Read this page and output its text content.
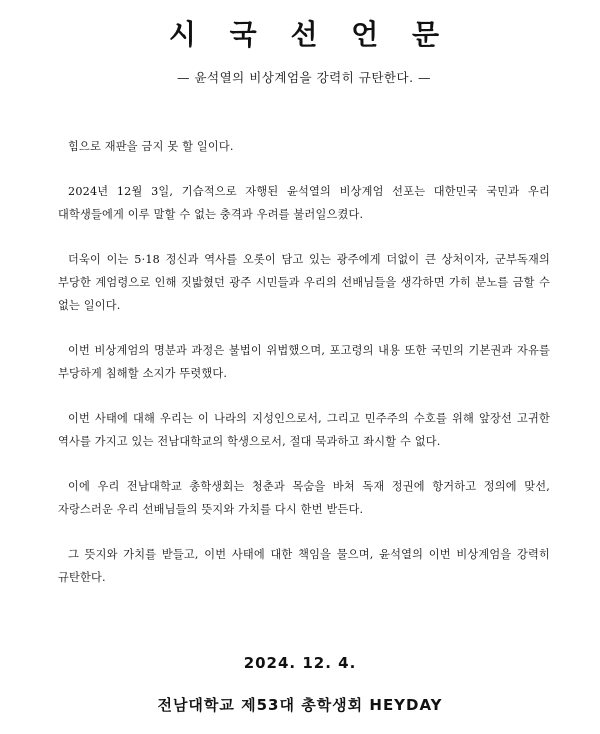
시 국 선 언 문

— 윤석열의 비상계엄을 강력히 규탄한다. —

힘으로 재판을 금지 못 할 일이다.

2024년 12월 3일, 기습적으로 자행된 윤석열의 비상계엄 선포는 대한민국 국민과 우리 대학생들에게 이루 말할 수 없는 충격과 우려를 불러일으켰다.

더욱이 이는 5·18 정신과 역사를 오롯이 담고 있는 광주에게 더없이 큰 상처이자, 군부독재의 부당한 계엄령으로 인해 짓밟혔던 광주 시민들과 우리의 선배님들을 생각하면 가히 분노를 금할 수 없는 일이다.

이번 비상계엄의 명분과 과정은 불법이 위법했으며, 포고령의 내용 또한 국민의 기본권과 자유를 부당하게 침해할 소지가 뚜렷했다.

이번 사태에 대해 우리는 이 나라의 지성인으로서, 그리고 민주주의 수호를 위해 앞장선 고귀한 역사를 가지고 있는 전남대학교의 학생으로서, 절대 묵과하고 좌시할 수 없다.

이에 우리 전남대학교 총학생회는 청춘과 목숨을 바쳐 독재 정권에 항거하고 정의에 맞선, 자랑스러운 우리 선배님들의 뜻지와 가치를 다시 한번 받든다.

그 뜻지와 가치를 받들고, 이번 사태에 대한 책임을 물으며, 윤석열의 이번 비상계엄을 강력히 규탄한다.

2024. 12. 4.

전남대학교 제53대 총학생회 HEYDAY
